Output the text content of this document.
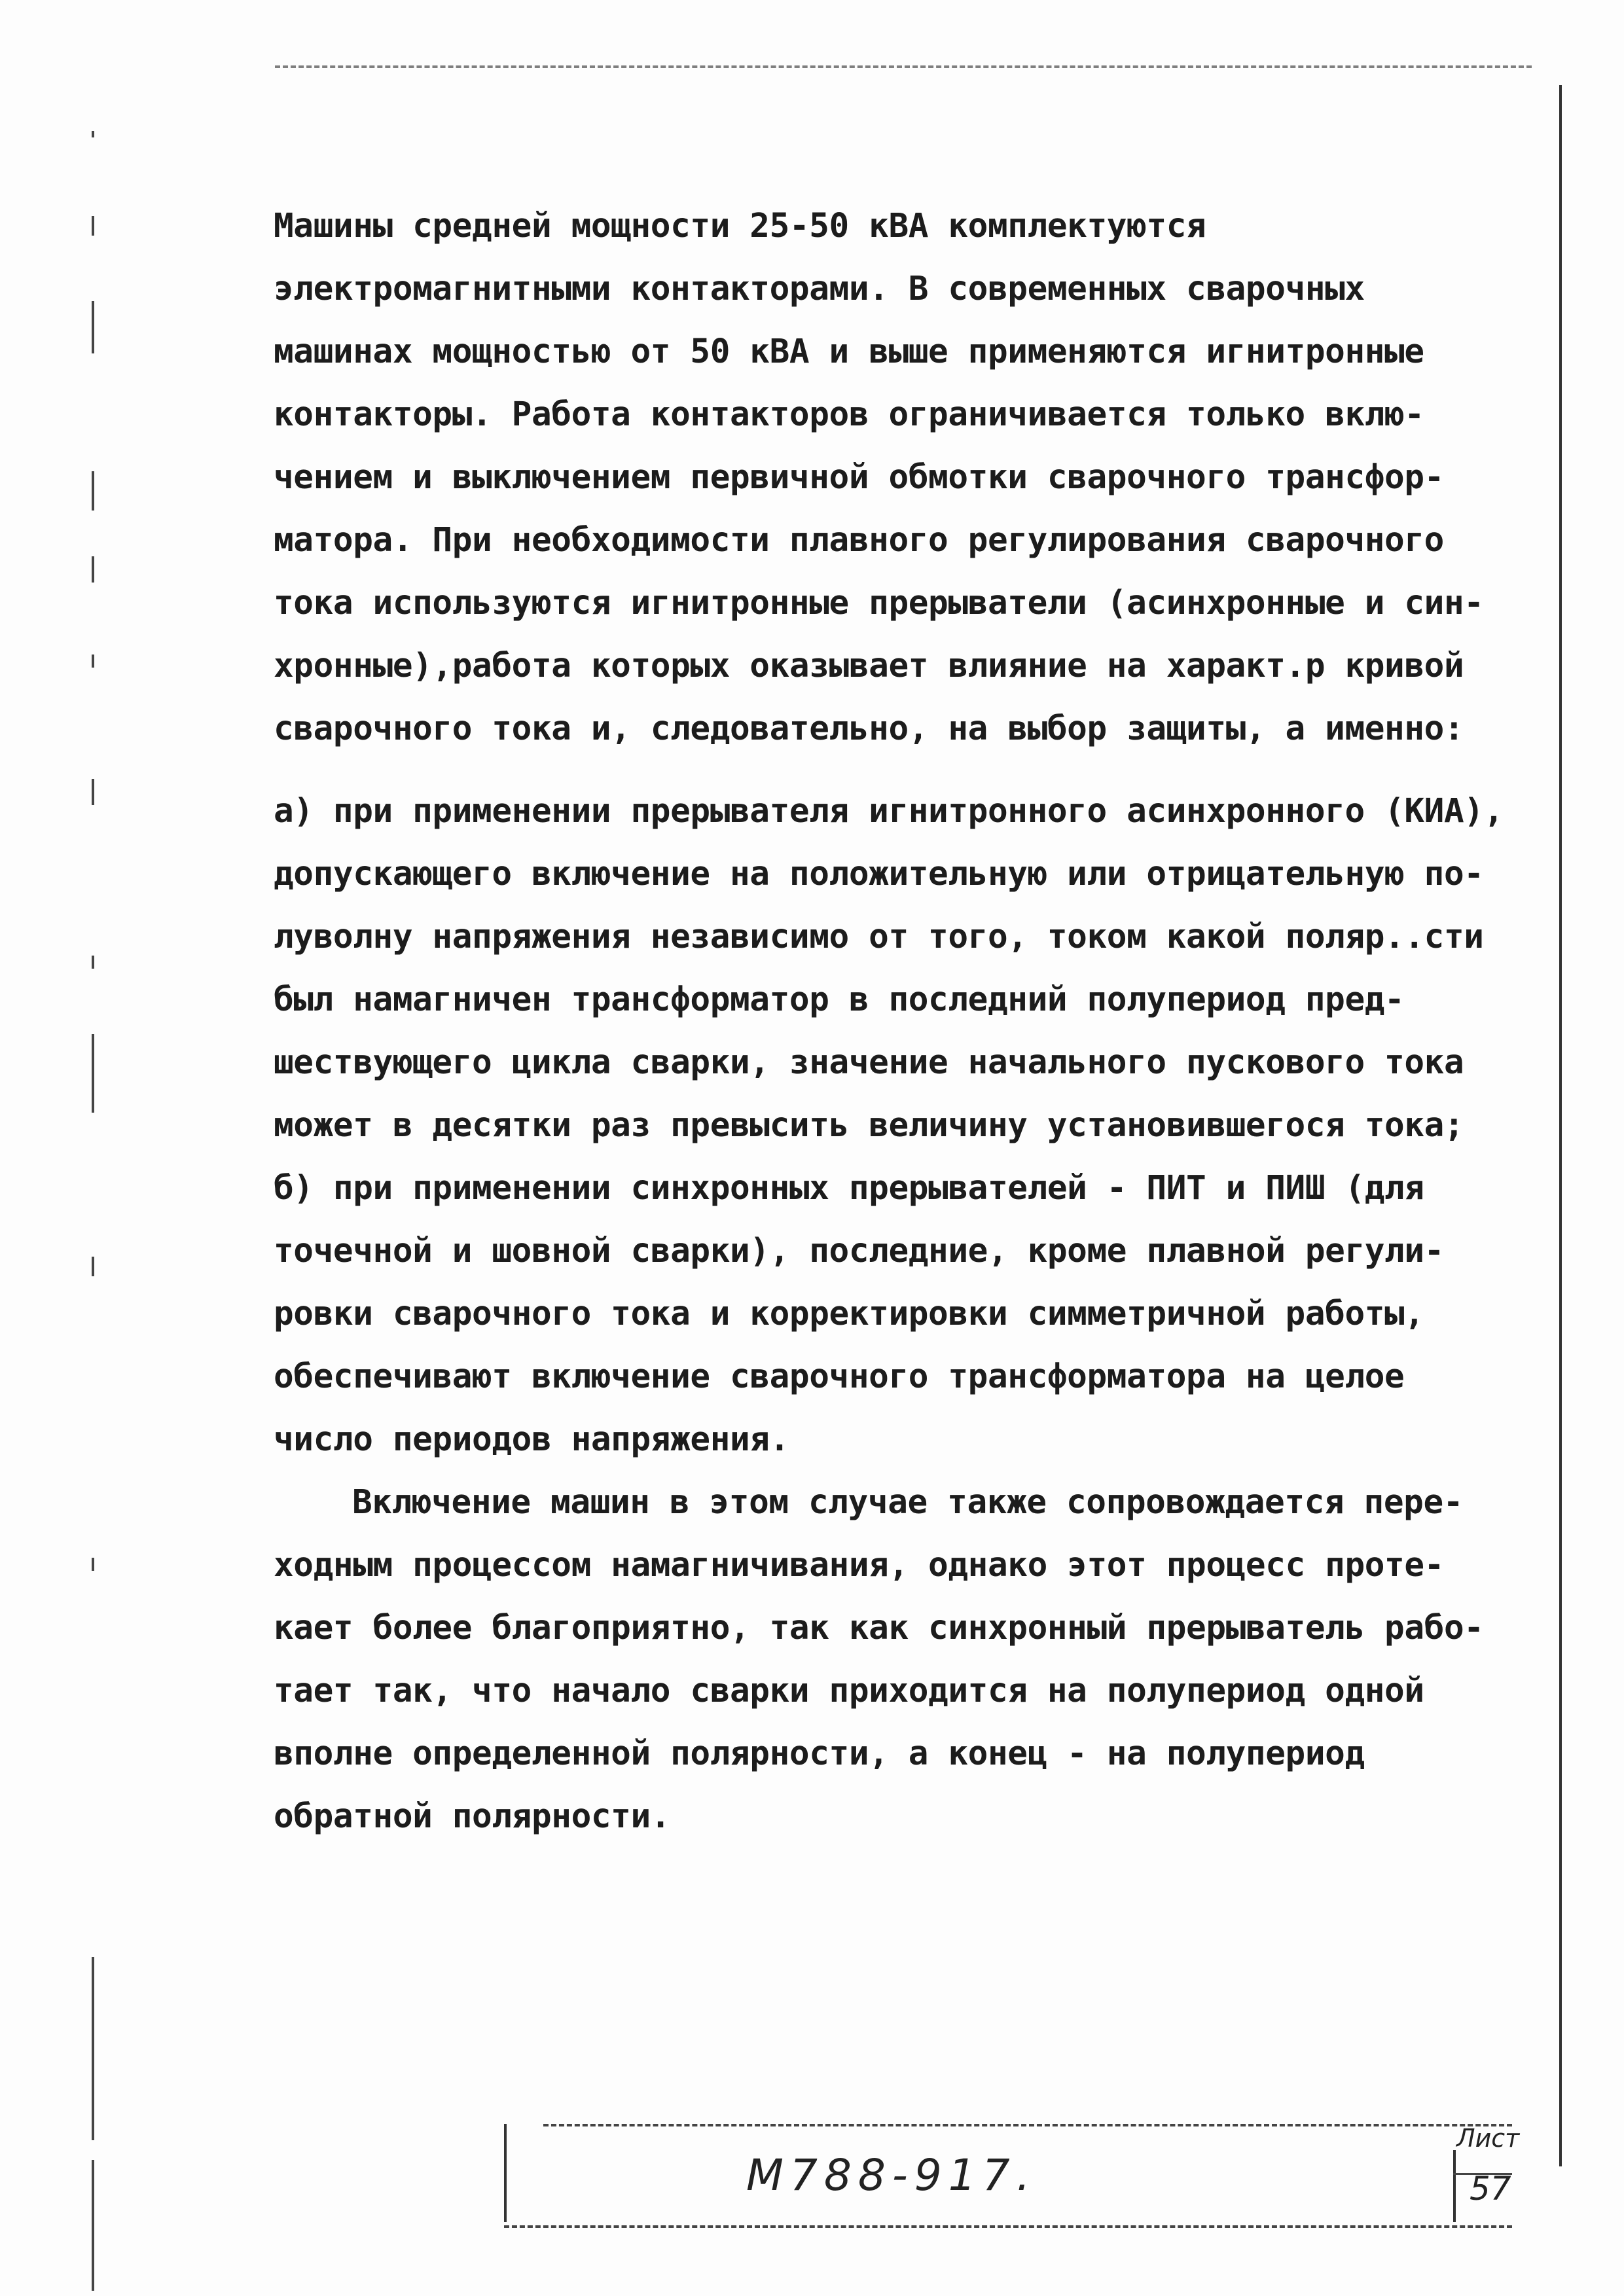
Машины средней мощности 25-50 кВА комплектуются
электромагнитными контакторами. В современных сварочных
машинах мощностью от 50 кВА и выше применяются игнитронные
контакторы. Работа контакторов ограничивается только вклю-
чением и выключением первичной обмотки сварочного трансфор-
матора. При необходимости плавного регулирования сварочного
тока используются игнитронные прерыватели (асинхронные и син-
хронные),работа которых оказывает влияние на характ.р кривой
сварочного тока и, следовательно, на выбор защиты, а именно:
а) при применении прерывателя игнитронного асинхронного (КИА),
допускающего включение на положительную или отрицательную по-
луволну напряжения независимо от того, током какой поляр..сти
был намагничен трансформатор в последний полупериод пред-
шествующего цикла сварки, значение начального пускового тока
может в десятки раз превысить величину установившегося тока;
б) при применении синхронных прерывателей - ПИТ и ПИШ (для
точечной и шовной сварки), последние, кроме плавной регули-
ровки сварочного тока и корректировки симметричной работы,
обеспечивают включение сварочного трансформатора на целое
число периодов напряжения.
Включение машин в этом случае также сопровождается пере-
ходным процессом намагничивания, однако этот процесс проте-
кает более благоприятно, так как синхронный прерыватель рабо-
тает так, что начало сварки приходится на полупериод одной
вполне определенной полярности, а конец - на полупериод
обратной полярности.
М788-917.
Лист
57
